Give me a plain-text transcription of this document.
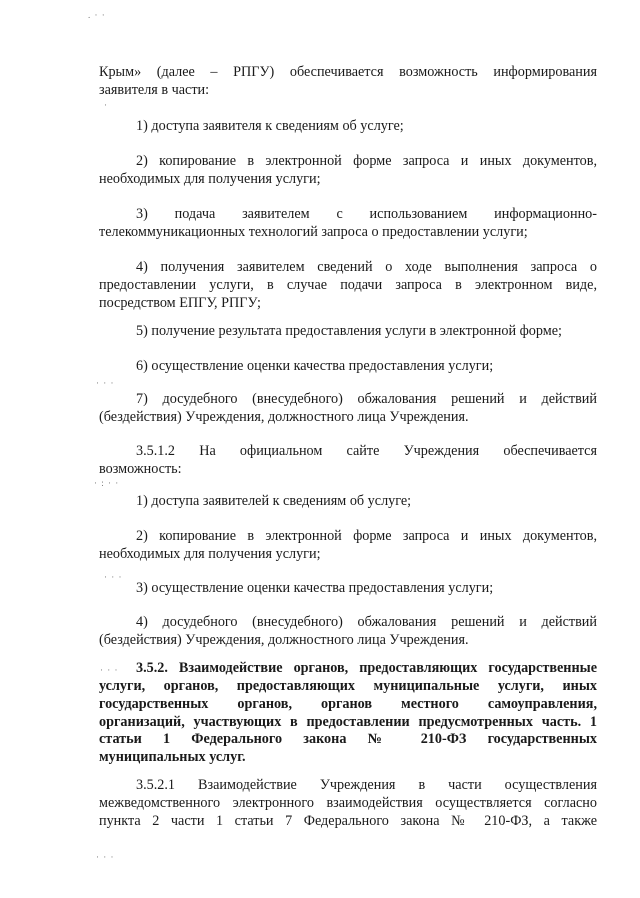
. · ·
·
· · ·
· : · ·
· · ·
· · ·
· · ·
Крым» (далее – РПГУ) обеспечивается возможность информирования
заявителя в части:
1) доступа заявителя к сведениям об услуге;
2) копирование в электронной форме запроса и иных документов,
необходимых для получения услуги;
3) подача заявителем с использованием информационно-
телекоммуникационных технологий запроса о предоставлении услуги;
4) получения заявителем сведений о ходе выполнения запроса о
предоставлении услуги, в случае подачи запроса в электронном виде,
посредством ЕПГУ, РПГУ;
5) получение результата предоставления услуги в электронной форме;
6) осуществление оценки качества предоставления услуги;
7) досудебного (внесудебного) обжалования решений и действий
(бездействия) Учреждения, должностного лица Учреждения.
3.5.1.2 На официальном сайте Учреждения обеспечивается
возможность:
1) доступа заявителей к сведениям об услуге;
2) копирование в электронной форме запроса и иных документов,
необходимых для получения услуги;
3) осуществление оценки качества предоставления услуги;
4) досудебного (внесудебного) обжалования решений и действий
(бездействия) Учреждения, должностного лица Учреждения.
3.5.2. Взаимодействие органов, предоставляющих государственные
услуги, органов, предоставляющих муниципальные услуги, иных
государственных органов, органов местного самоуправления,
организаций, участвующих в предоставлении предусмотренных часть. 1
статьи 1 Федерального закона № 210-ФЗ государственных
муниципальных услуг.
3.5.2.1 Взаимодействие Учреждения в части осуществления
межведомственного электронного взаимодействия осуществляется согласно
пункта 2 части 1 статьи 7 Федерального закона № 210-ФЗ, а также
